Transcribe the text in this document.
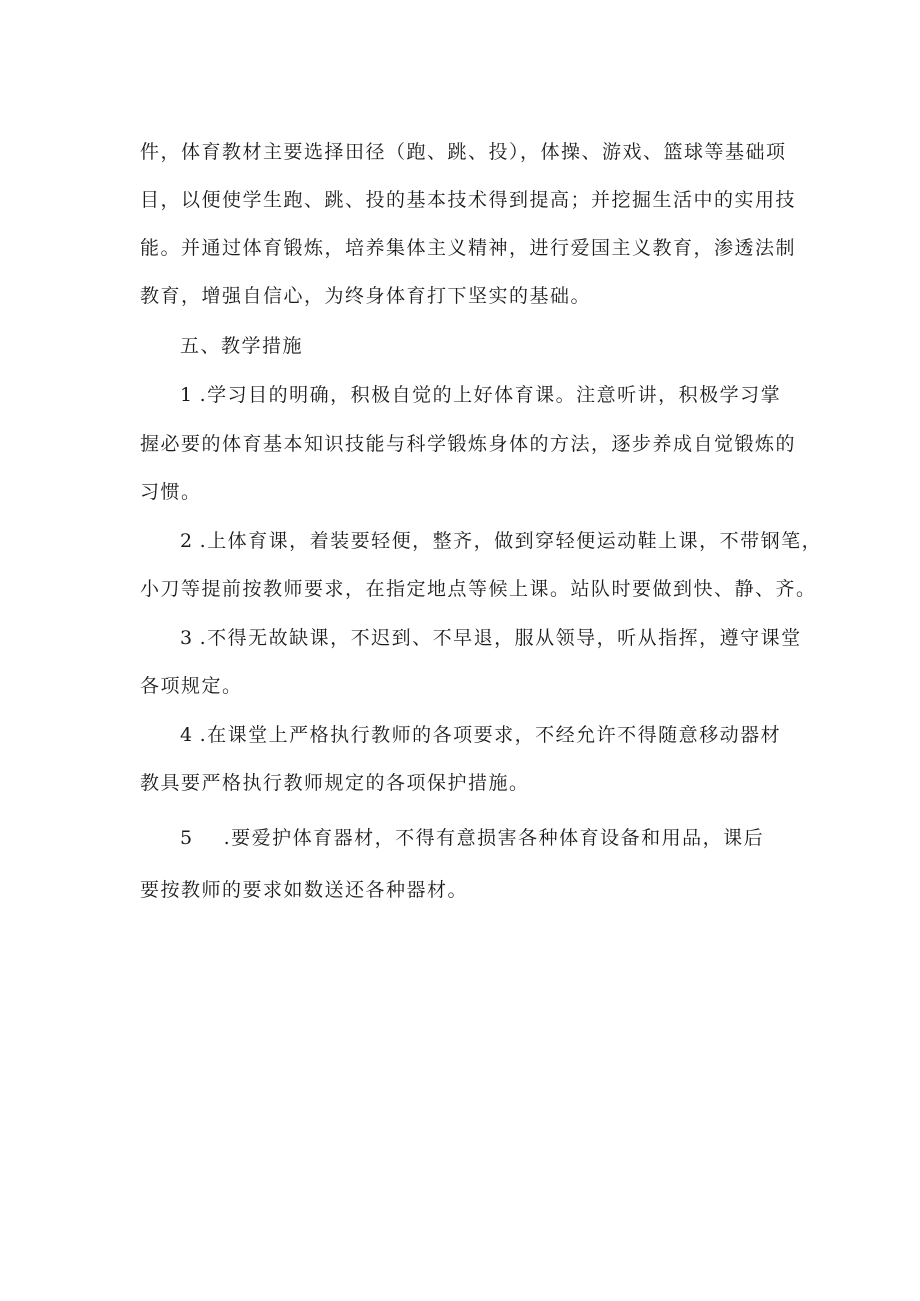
件，体育教材主要选择田径（跑、跳、投），体操、游戏、篮球等基础项
目，以便使学生跑、跳、投的基本技术得到提高；并挖掘生活中的实用技
能。并通过体育锻炼，培养集体主义精神，进行爱国主义教育，渗透法制
教育，增强自信心，为终身体育打下坚实的基础。
五、教学措施
1 .学习目的明确，积极自觉的上好体育课。注意听讲，积极学习掌
握必要的体育基本知识技能与科学锻炼身体的方法，逐步养成自觉锻炼的
习惯。
2 .上体育课，着装要轻便，整齐，做到穿轻便运动鞋上课，不带钢笔，
小刀等提前按教师要求，在指定地点等候上课。站队时要做到快、静、齐。
3 .不得无故缺课，不迟到、不早退，服从领导，听从指挥，遵守课堂
各项规定。
4 .在课堂上严格执行教师的各项要求，不经允许不得随意移动器材
教具要严格执行教师规定的各项保护措施。
5 .要爱护体育器材，不得有意损害各种体育设备和用品，课后
要按教师的要求如数送还各种器材。
